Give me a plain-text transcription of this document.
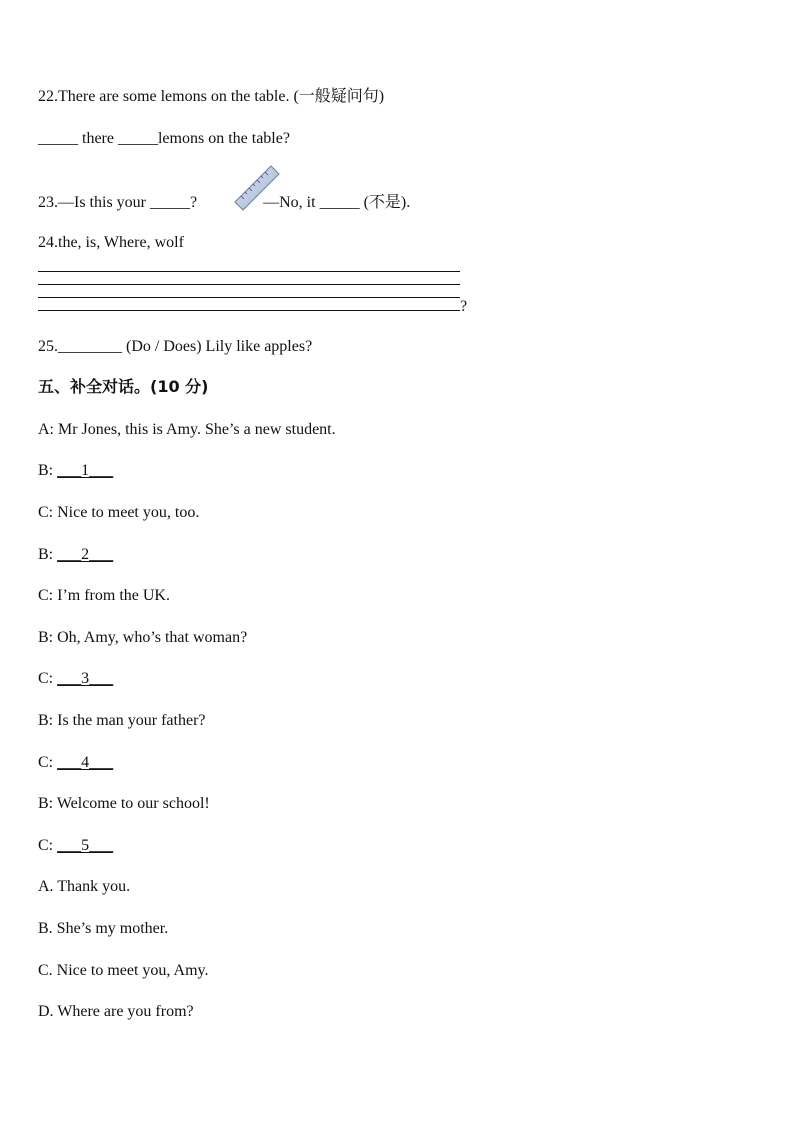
22.There are some lemons on the table. (一般疑问句)
_____ there _____lemons on the table?
23.—Is this your _____?	—No, it _____ (不是).
24.the, is, Where, wolf
?
25.________ (Do / Does) Lily like apples?
五、补全对话。(10 分)
A: Mr Jones, this is Amy. She’s a new student.
B: ___1___
C: Nice to meet you, too.
B: ___2___
C: I’m from the UK.
B: Oh, Amy, who’s that woman?
C: ___3___
B: Is the man your father?
C: ___4___
B: Welcome to our school!
C: ___5___
A. Thank you.
B. She’s my mother.
C. Nice to meet you, Amy.
D. Where are you from?
